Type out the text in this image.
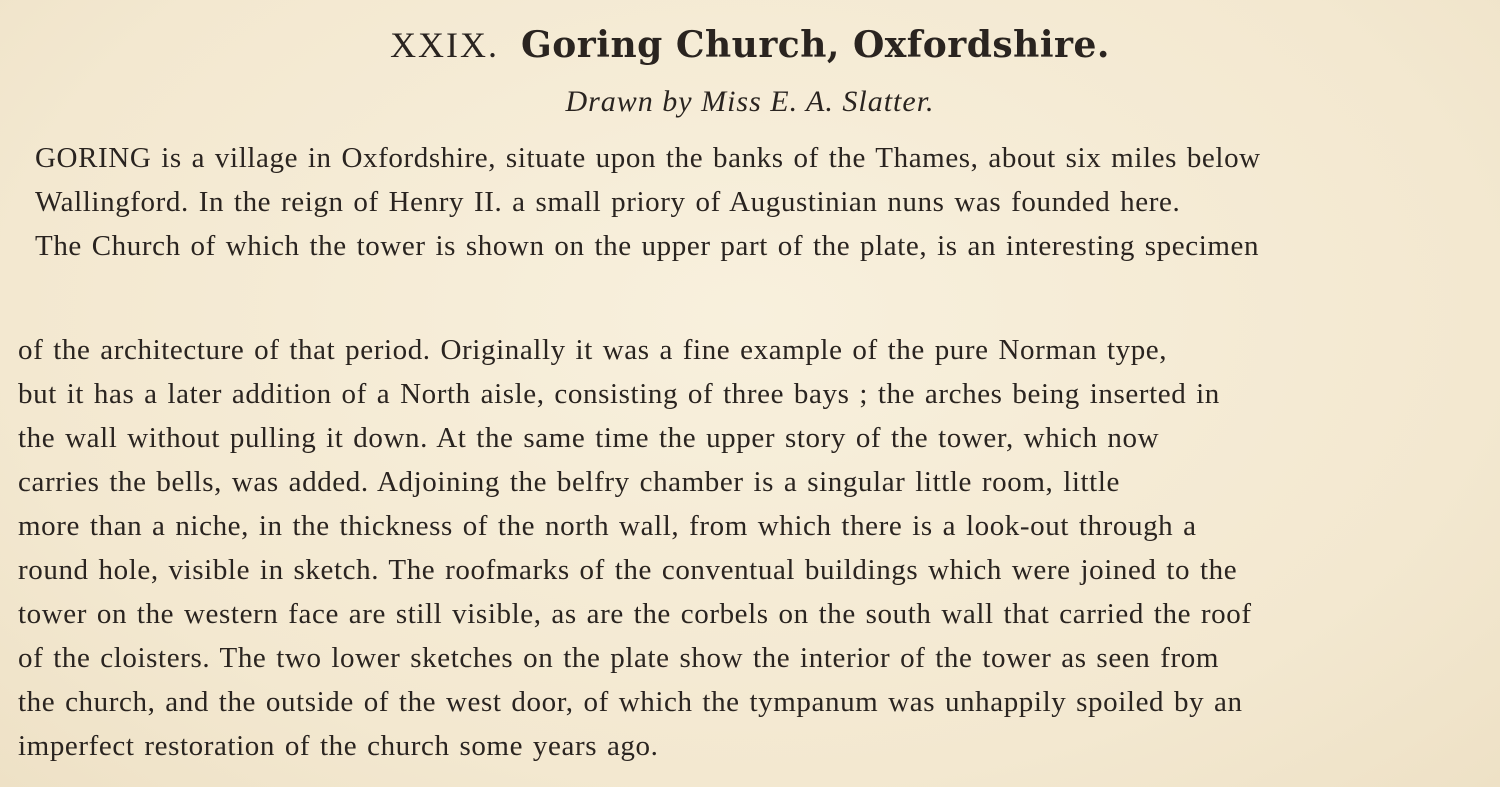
XXIX. Goring Church, Oxfordshire.
Drawn by Miss E. A. Slatter.
GORING is a village in Oxfordshire, situate upon the banks of the Thames, about six miles below
Wallingford. In the reign of Henry II. a small priory of Augustinian nuns was founded here.
The Church of which the tower is shown on the upper part of the plate, is an interesting specimen
of the architecture of that period. Originally it was a fine example of the pure Norman type,
but it has a later addition of a North aisle, consisting of three bays ; the arches being inserted in
the wall without pulling it down. At the same time the upper story of the tower, which now
carries the bells, was added. Adjoining the belfry chamber is a singular little room, little
more than a niche, in the thickness of the north wall, from which there is a look-out through a
round hole, visible in sketch. The roofmarks of the conventual buildings which were joined to the
tower on the western face are still visible, as are the corbels on the south wall that carried the roof
of the cloisters. The two lower sketches on the plate show the interior of the tower as seen from
the church, and the outside of the west door, of which the tympanum was unhappily spoiled by an
imperfect restoration of the church some years ago.
